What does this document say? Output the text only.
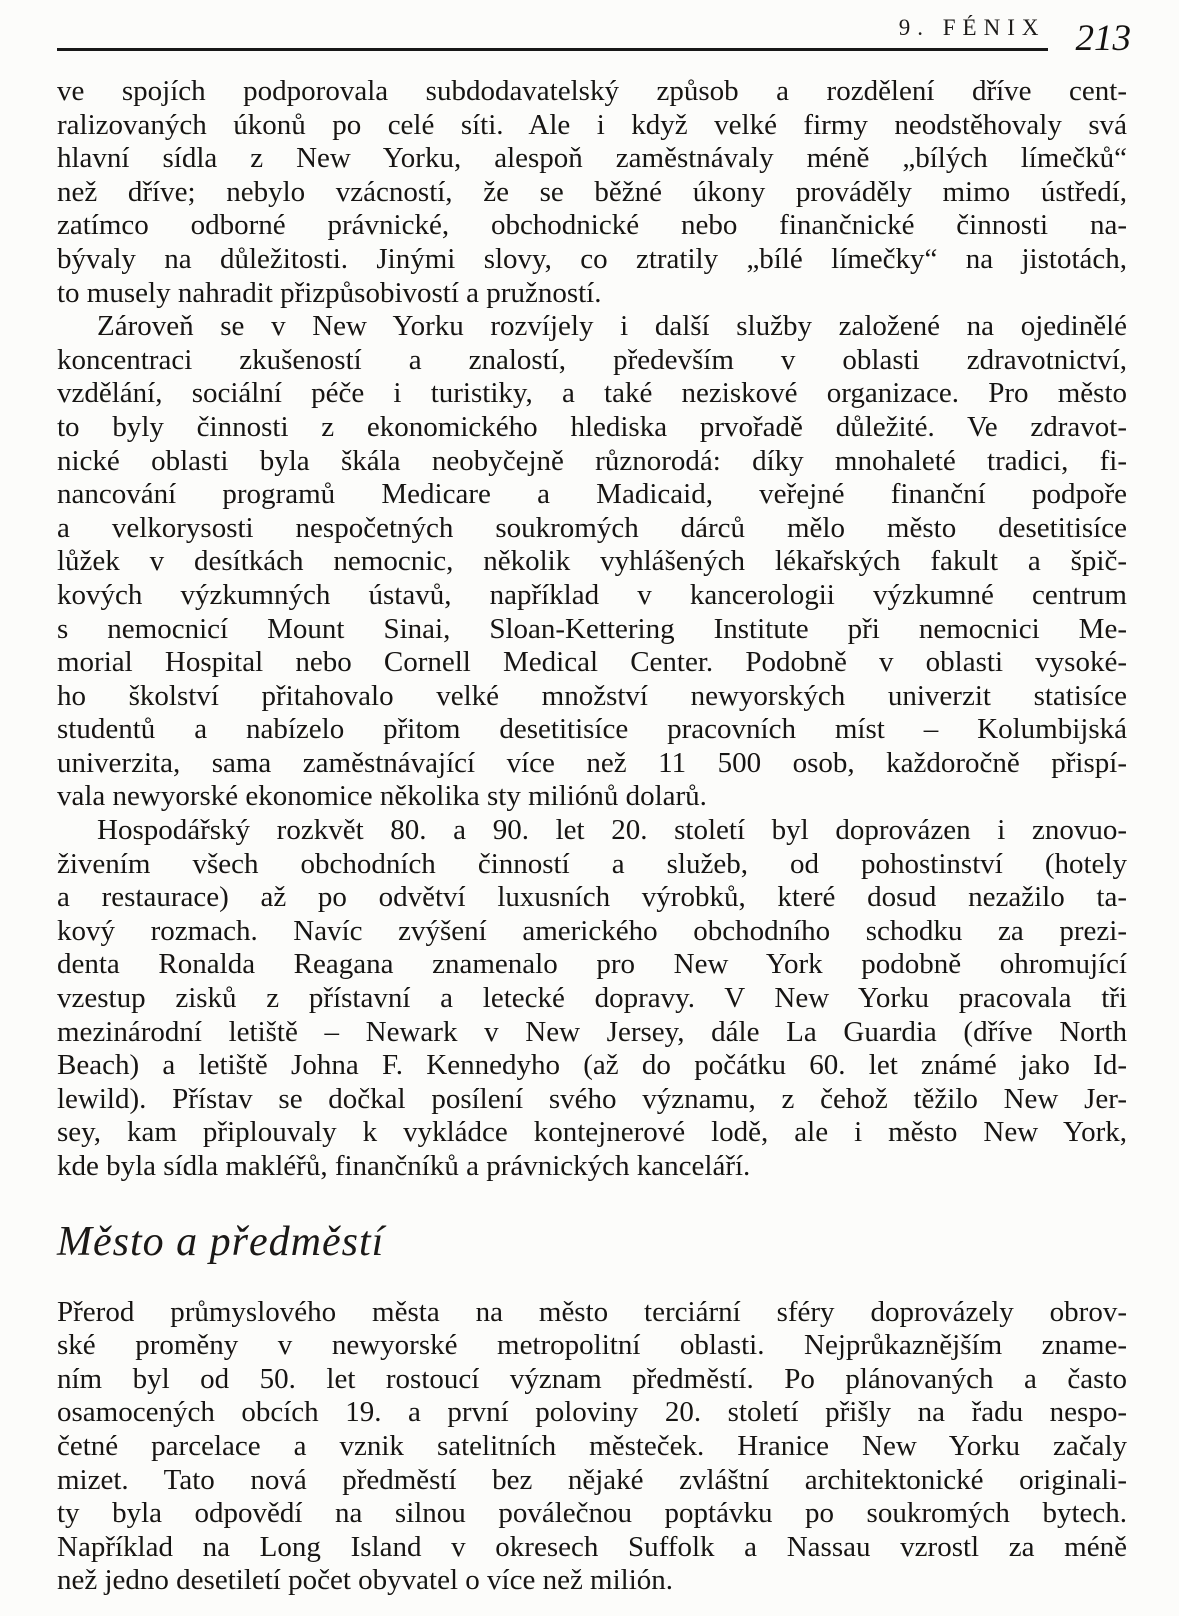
9. FÉNIX 213
ve spojích podporovala subdodavatelský způsob a rozdělení dříve cent-
ralizovaných úkonů po celé síti. Ale i když velké firmy neodstěhovaly svá
hlavní sídla z New Yorku, alespoň zaměstnávaly méně „bílých límečků“
než dříve; nebylo vzácností, že se běžné úkony prováděly mimo ústředí,
zatímco odborné právnické, obchodnické nebo finančnické činnosti na-
bývaly na důležitosti. Jinými slovy, co ztratily „bílé límečky“ na jistotách,
to musely nahradit přizpůsobivostí a pružností.
Zároveň se v New Yorku rozvíjely i další služby založené na ojedinělé
koncentraci zkušeností a znalostí, především v oblasti zdravotnictví,
vzdělání, sociální péče i turistiky, a také neziskové organizace. Pro město
to byly činnosti z ekonomického hlediska prvořadě důležité. Ve zdravot-
nické oblasti byla škála neobyčejně různorodá: díky mnohaleté tradici, fi-
nancování programů Medicare a Madicaid, veřejné finanční podpoře
a velkorysosti nespočetných soukromých dárců mělo město desetitisíce
lůžek v desítkách nemocnic, několik vyhlášených lékařských fakult a špič-
kových výzkumných ústavů, například v kancerologii výzkumné centrum
s nemocnicí Mount Sinai, Sloan-Kettering Institute při nemocnici Me-
morial Hospital nebo Cornell Medical Center. Podobně v oblasti vysoké-
ho školství přitahovalo velké množství newyorských univerzit statisíce
studentů a nabízelo přitom desetitisíce pracovních míst – Kolumbijská
univerzita, sama zaměstnávající více než 11 500 osob, každoročně přispí-
vala newyorské ekonomice několika sty miliónů dolarů.
Hospodářský rozkvět 80. a 90. let 20. století byl doprovázen i znovuo-
živením všech obchodních činností a služeb, od pohostinství (hotely
a restaurace) až po odvětví luxusních výrobků, které dosud nezažilo ta-
kový rozmach. Navíc zvýšení amerického obchodního schodku za prezi-
denta Ronalda Reagana znamenalo pro New York podobně ohromující
vzestup zisků z přístavní a letecké dopravy. V New Yorku pracovala tři
mezinárodní letiště – Newark v New Jersey, dále La Guardia (dříve North
Beach) a letiště Johna F. Kennedyho (až do počátku 60. let známé jako Id-
lewild). Přístav se dočkal posílení svého významu, z čehož těžilo New Jer-
sey, kam připlouvaly k vykládce kontejnerové lodě, ale i město New York,
kde byla sídla makléřů, finančníků a právnických kanceláří.
Město a předměstí
Přerod průmyslového města na město terciární sféry doprovázely obrov-
ské proměny v newyorské metropolitní oblasti. Nejprůkaznějším zname-
ním byl od 50. let rostoucí význam předměstí. Po plánovaných a často
osamocených obcích 19. a první poloviny 20. století přišly na řadu nespo-
četné parcelace a vznik satelitních městeček. Hranice New Yorku začaly
mizet. Tato nová předměstí bez nějaké zvláštní architektonické originali-
ty byla odpovědí na silnou poválečnou poptávku po soukromých bytech.
Například na Long Island v okresech Suffolk a Nassau vzrostl za méně
než jedno desetiletí počet obyvatel o více než milión.
